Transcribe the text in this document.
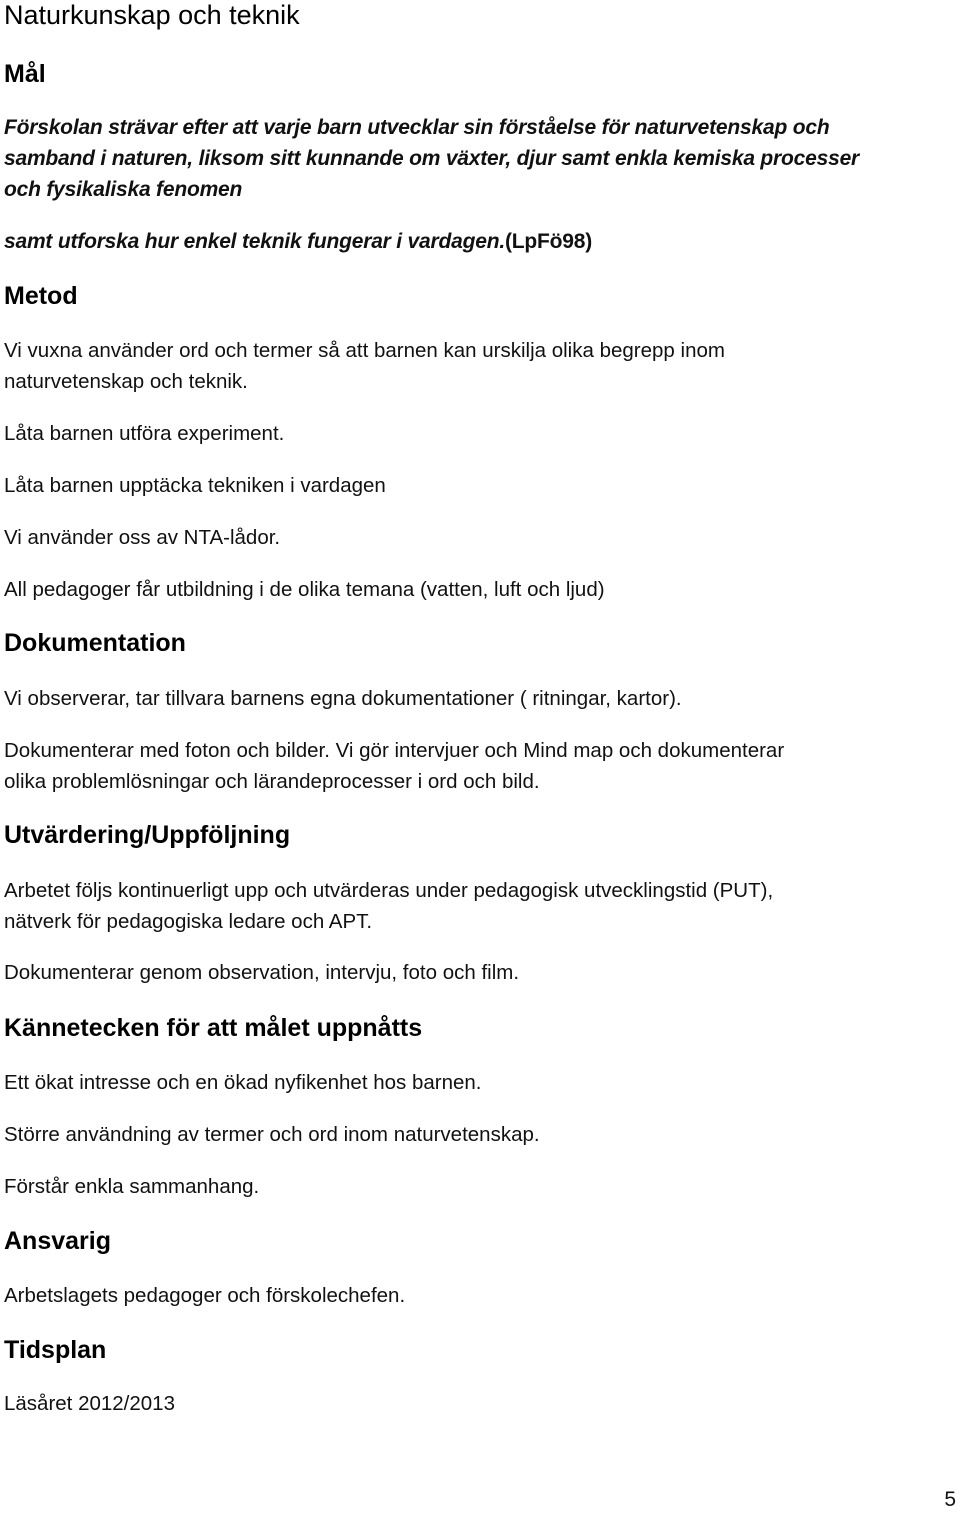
Naturkunskap och teknik
Mål
Förskolan strävar efter att varje barn utvecklar sin förståelse för naturvetenskap och
samband i naturen, liksom sitt kunnande om växter, djur samt enkla kemiska processer
och fysikaliska fenomen
samt utforska hur enkel teknik fungerar i vardagen.(LpFö98)
Metod
Vi vuxna använder ord och termer så att barnen kan urskilja olika begrepp inom
naturvetenskap och teknik.
Låta barnen utföra experiment.
Låta barnen upptäcka tekniken i vardagen
Vi använder oss av NTA-lådor.
All pedagoger får utbildning i de olika temana (vatten, luft och ljud)
Dokumentation
Vi observerar, tar tillvara barnens egna dokumentationer ( ritningar, kartor).
Dokumenterar med foton och bilder. Vi gör intervjuer och Mind map och dokumenterar
olika problemlösningar och lärandeprocesser i ord och bild.
Utvärdering/Uppföljning
Arbetet följs kontinuerligt upp och utvärderas under pedagogisk utvecklingstid (PUT),
nätverk för pedagogiska ledare och APT.
Dokumenterar genom observation, intervju, foto och film.
Kännetecken för att målet uppnåtts
Ett ökat intresse och en ökad nyfikenhet hos barnen.
Större användning av termer och ord inom naturvetenskap.
Förstår enkla sammanhang.
Ansvarig
Arbetslagets pedagoger och förskolechefen.
Tidsplan
Läsåret 2012/2013
5
